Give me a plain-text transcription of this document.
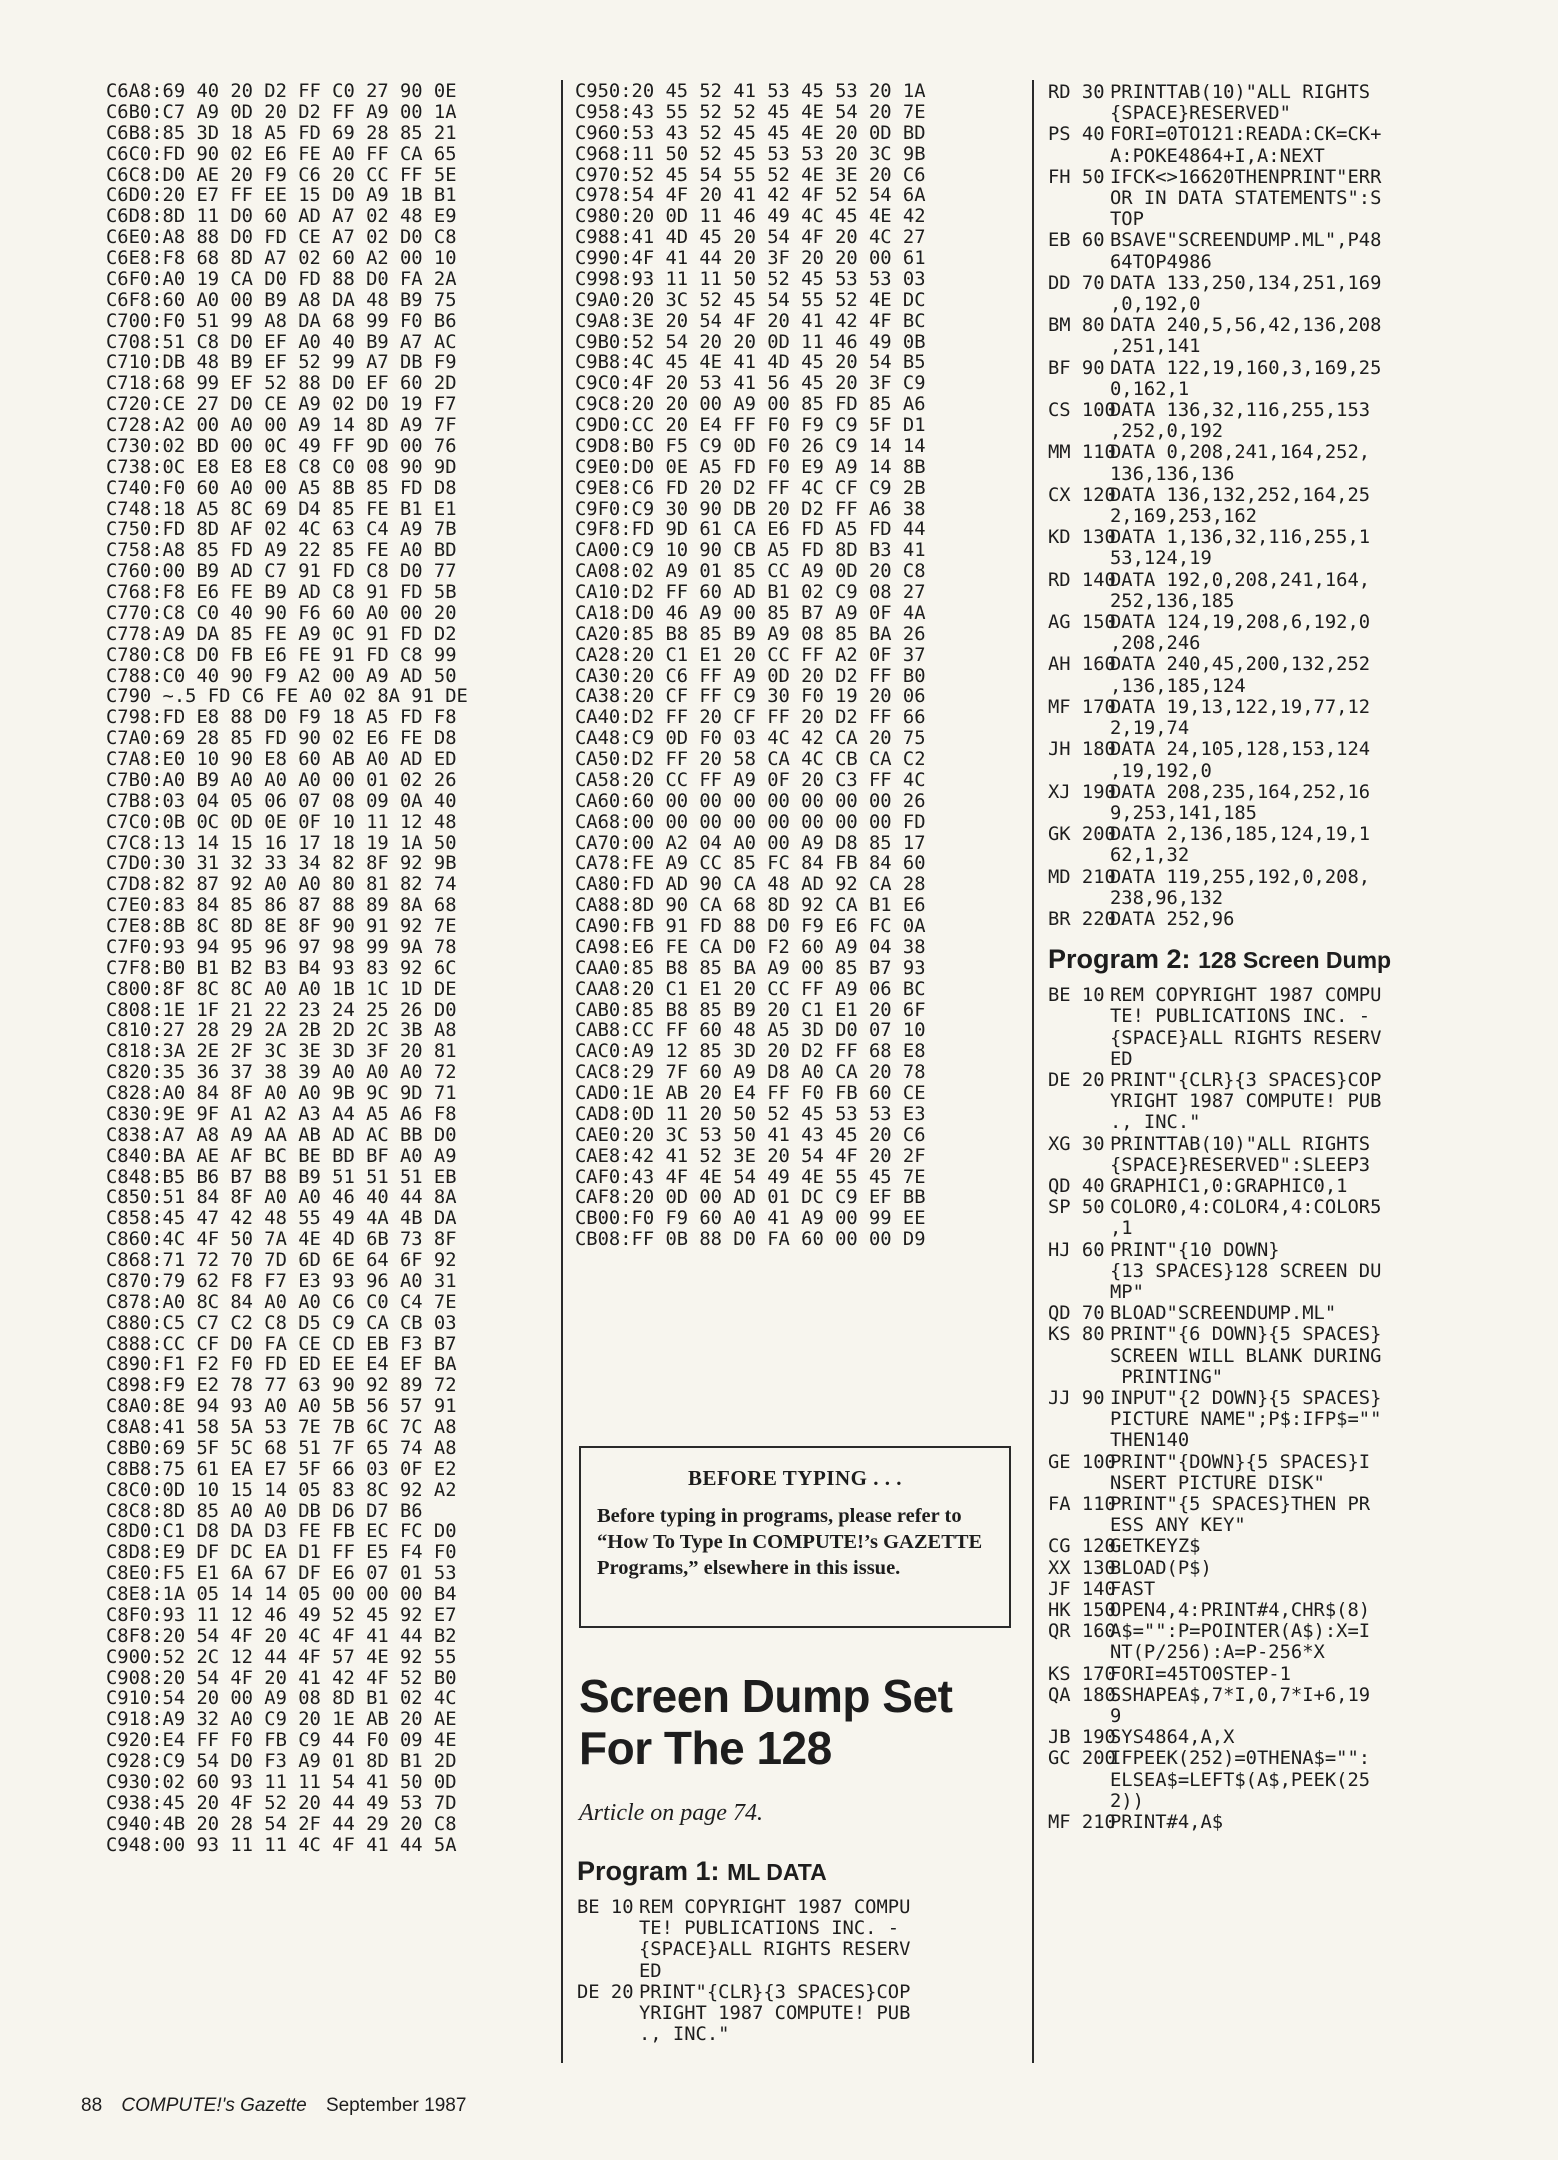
C6A8:69 40 20 D2 FF C0 27 90 0E
C6B0:C7 A9 0D 20 D2 FF A9 00 1A
C6B8:85 3D 18 A5 FD 69 28 85 21
C6C0:FD 90 02 E6 FE A0 FF CA 65
C6C8:D0 AE 20 F9 C6 20 CC FF 5E
C6D0:20 E7 FF EE 15 D0 A9 1B B1
C6D8:8D 11 D0 60 AD A7 02 48 E9
C6E0:A8 88 D0 FD CE A7 02 D0 C8
C6E8:F8 68 8D A7 02 60 A2 00 10
C6F0:A0 19 CA D0 FD 88 D0 FA 2A
C6F8:60 A0 00 B9 A8 DA 48 B9 75
C700:F0 51 99 A8 DA 68 99 F0 B6
C708:51 C8 D0 EF A0 40 B9 A7 AC
C710:DB 48 B9 EF 52 99 A7 DB F9
C718:68 99 EF 52 88 D0 EF 60 2D
C720:CE 27 D0 CE A9 02 D0 19 F7
C728:A2 00 A0 00 A9 14 8D A9 7F
C730:02 BD 00 0C 49 FF 9D 00 76
C738:0C E8 E8 E8 C8 C0 08 90 9D
C740:F0 60 A0 00 A5 8B 85 FD D8
C748:18 A5 8C 69 D4 85 FE B1 E1
C750:FD 8D AF 02 4C 63 C4 A9 7B
C758:A8 85 FD A9 22 85 FE A0 BD
C760:00 B9 AD C7 91 FD C8 D0 77
C768:F8 E6 FE B9 AD C8 91 FD 5B
C770:C8 C0 40 90 F6 60 A0 00 20
C778:A9 DA 85 FE A9 0C 91 FD D2
C780:C8 D0 FB E6 FE 91 FD C8 99
C788:C0 40 90 F9 A2 00 A9 AD 50
C790 ~.5 FD C6 FE A0 02 8A 91 DE
C798:FD E8 88 D0 F9 18 A5 FD F8
C7A0:69 28 85 FD 90 02 E6 FE D8
C7A8:E0 10 90 E8 60 AB A0 AD ED
C7B0:A0 B9 A0 A0 A0 00 01 02 26
C7B8:03 04 05 06 07 08 09 0A 40
C7C0:0B 0C 0D 0E 0F 10 11 12 48
C7C8:13 14 15 16 17 18 19 1A 50
C7D0:30 31 32 33 34 82 8F 92 9B
C7D8:82 87 92 A0 A0 80 81 82 74
C7E0:83 84 85 86 87 88 89 8A 68
C7E8:8B 8C 8D 8E 8F 90 91 92 7E
C7F0:93 94 95 96 97 98 99 9A 78
C7F8:B0 B1 B2 B3 B4 93 83 92 6C
C800:8F 8C 8C A0 A0 1B 1C 1D DE
C808:1E 1F 21 22 23 24 25 26 D0
C810:27 28 29 2A 2B 2D 2C 3B A8
C818:3A 2E 2F 3C 3E 3D 3F 20 81
C820:35 36 37 38 39 A0 A0 A0 72
C828:A0 84 8F A0 A0 9B 9C 9D 71
C830:9E 9F A1 A2 A3 A4 A5 A6 F8
C838:A7 A8 A9 AA AB AD AC BB D0
C840:BA AE AF BC BE BD BF A0 A9
C848:B5 B6 B7 B8 B9 51 51 51 EB
C850:51 84 8F A0 A0 46 40 44 8A
C858:45 47 42 48 55 49 4A 4B DA
C860:4C 4F 50 7A 4E 4D 6B 73 8F
C868:71 72 70 7D 6D 6E 64 6F 92
C870:79 62 F8 F7 E3 93 96 A0 31
C878:A0 8C 84 A0 A0 C6 C0 C4 7E
C880:C5 C7 C2 C8 D5 C9 CA CB 03
C888:CC CF D0 FA CE CD EB F3 B7
C890:F1 F2 F0 FD ED EE E4 EF BA
C898:F9 E2 78 77 63 90 92 89 72
C8A0:8E 94 93 A0 A0 5B 56 57 91
C8A8:41 58 5A 53 7E 7B 6C 7C A8
C8B0:69 5F 5C 68 51 7F 65 74 A8
C8B8:75 61 EA E7 5F 66 03 0F E2
C8C0:0D 10 15 14 05 83 8C 92 A2
C8C8:8D 85 A0 A0 DB D6 D7 B6
C8D0:C1 D8 DA D3 FE FB EC FC D0
C8D8:E9 DF DC EA D1 FF E5 F4 F0
C8E0:F5 E1 6A 67 DF E6 07 01 53
C8E8:1A 05 14 14 05 00 00 00 B4
C8F0:93 11 12 46 49 52 45 92 E7
C8F8:20 54 4F 20 4C 4F 41 44 B2
C900:52 2C 12 44 4F 57 4E 92 55
C908:20 54 4F 20 41 42 4F 52 B0
C910:54 20 00 A9 08 8D B1 02 4C
C918:A9 32 A0 C9 20 1E AB 20 AE
C920:E4 FF F0 FB C9 44 F0 09 4E
C928:C9 54 D0 F3 A9 01 8D B1 2D
C930:02 60 93 11 11 54 41 50 0D
C938:45 20 4F 52 20 44 49 53 7D
C940:4B 20 28 54 2F 44 29 20 C8
C948:00 93 11 11 4C 4F 41 44 5A
C950:20 45 52 41 53 45 53 20 1A
C958:43 55 52 52 45 4E 54 20 7E
C960:53 43 52 45 45 4E 20 0D BD
C968:11 50 52 45 53 53 20 3C 9B
C970:52 45 54 55 52 4E 3E 20 C6
C978:54 4F 20 41 42 4F 52 54 6A
C980:20 0D 11 46 49 4C 45 4E 42
C988:41 4D 45 20 54 4F 20 4C 27
C990:4F 41 44 20 3F 20 20 00 61
C998:93 11 11 50 52 45 53 53 03
C9A0:20 3C 52 45 54 55 52 4E DC
C9A8:3E 20 54 4F 20 41 42 4F BC
C9B0:52 54 20 20 0D 11 46 49 0B
C9B8:4C 45 4E 41 4D 45 20 54 B5
C9C0:4F 20 53 41 56 45 20 3F C9
C9C8:20 20 00 A9 00 85 FD 85 A6
C9D0:CC 20 E4 FF F0 F9 C9 5F D1
C9D8:B0 F5 C9 0D F0 26 C9 14 14
C9E0:D0 0E A5 FD F0 E9 A9 14 8B
C9E8:C6 FD 20 D2 FF 4C CF C9 2B
C9F0:C9 30 90 DB 20 D2 FF A6 38
C9F8:FD 9D 61 CA E6 FD A5 FD 44
CA00:C9 10 90 CB A5 FD 8D B3 41
CA08:02 A9 01 85 CC A9 0D 20 C8
CA10:D2 FF 60 AD B1 02 C9 08 27
CA18:D0 46 A9 00 85 B7 A9 0F 4A
CA20:85 B8 85 B9 A9 08 85 BA 26
CA28:20 C1 E1 20 CC FF A2 0F 37
CA30:20 C6 FF A9 0D 20 D2 FF B0
CA38:20 CF FF C9 30 F0 19 20 06
CA40:D2 FF 20 CF FF 20 D2 FF 66
CA48:C9 0D F0 03 4C 42 CA 20 75
CA50:D2 FF 20 58 CA 4C CB CA C2
CA58:20 CC FF A9 0F 20 C3 FF 4C
CA60:60 00 00 00 00 00 00 00 26
CA68:00 00 00 00 00 00 00 00 FD
CA70:00 A2 04 A0 00 A9 D8 85 17
CA78:FE A9 CC 85 FC 84 FB 84 60
CA80:FD AD 90 CA 48 AD 92 CA 28
CA88:8D 90 CA 68 8D 92 CA B1 E6
CA90:FB 91 FD 88 D0 F9 E6 FC 0A
CA98:E6 FE CA D0 F2 60 A9 04 38
CAA0:85 B8 85 BA A9 00 85 B7 93
CAA8:20 C1 E1 20 CC FF A9 06 BC
CAB0:85 B8 85 B9 20 C1 E1 20 6F
CAB8:CC FF 60 48 A5 3D D0 07 10
CAC0:A9 12 85 3D 20 D2 FF 68 E8
CAC8:29 7F 60 A9 D8 A0 CA 20 78
CAD0:1E AB 20 E4 FF F0 FB 60 CE
CAD8:0D 11 20 50 52 45 53 53 E3
CAE0:20 3C 53 50 41 43 45 20 C6
CAE8:42 41 52 3E 20 54 4F 20 2F
CAF0:43 4F 4E 54 49 4E 55 45 7E
CAF8:20 0D 00 AD 01 DC C9 EF BB
CB00:F0 F9 60 A0 41 A9 00 99 EE
CB08:FF 0B 88 D0 FA 60 00 00 D9
BEFORE TYPING . . .
Before typing in programs, please refer to “How To Type In COMPUTE!’s GAZETTE Programs,” elsewhere in this issue.
Screen Dump Set For The 128
Article on page 74.
Program 1: ML DATA
BE 10 REM COPYRIGHT 1987 COMPU
TE! PUBLICATIONS INC. -
{SPACE}ALL RIGHTS RESERV
ED
DE 20 PRINT"{CLR}{3 SPACES}COP
YRIGHT 1987 COMPUTE! PUB
., INC."
RD 30 PRINTTAB(10)"ALL RIGHTS
{SPACE}RESERVED"
PS 40 FORI=0TO121:READA:CK=CK+
A:POKE4864+I,A:NEXT
FH 50 IFCK<>16620THENPRINT"ERR
OR IN DATA STATEMENTS":S
TOP
EB 60 BSAVE"SCREENDUMP.ML",P48
64TOP4986
DD 70 DATA 133,250,134,251,169
,0,192,0
BM 80 DATA 240,5,56,42,136,208
,251,141
BF 90 DATA 122,19,160,3,169,25
0,162,1
CS 100
DATA 136,32,116,255,153
,252,0,192
MM 110
DATA 0,208,241,164,252,
136,136,136
CX 120
DATA 136,132,252,164,25
2,169,253,162
KD 130
DATA 1,136,32,116,255,1
53,124,19
RD 140
DATA 192,0,208,241,164,
252,136,185
AG 150
DATA 124,19,208,6,192,0
,208,246
AH 160
DATA 240,45,200,132,252
,136,185,124
MF 170
DATA 19,13,122,19,77,12
2,19,74
JH 180
DATA 24,105,128,153,124
,19,192,0
XJ 190
DATA 208,235,164,252,16
9,253,141,185
GK 200
DATA 2,136,185,124,19,1
62,1,32
MD 210
DATA 119,255,192,0,208,
238,96,132
BR 220
DATA 252,96
Program 2: 128 Screen Dump
BE 10 REM COPYRIGHT 1987 COMPU
TE! PUBLICATIONS INC. -
{SPACE}ALL RIGHTS RESERV
ED
DE 20 PRINT"{CLR}{3 SPACES}COP
YRIGHT 1987 COMPUTE! PUB
., INC."
XG 30 PRINTTAB(10)"ALL RIGHTS
{SPACE}RESERVED":SLEEP3
QD 40 GRAPHIC1,0:GRAPHIC0,1
SP 50 COLOR0,4:COLOR4,4:COLOR5
,1
HJ 60 PRINT"{10 DOWN}
{13 SPACES}128 SCREEN DU
MP"
QD 70 BLOAD"SCREENDUMP.ML"
KS 80 PRINT"{6 DOWN}{5 SPACES}
SCREEN WILL BLANK DURING
PRINTING"
JJ 90 INPUT"{2 DOWN}{5 SPACES}
PICTURE NAME";P$:IFP$=""
THEN140
GE 100
PRINT"{DOWN}{5 SPACES}I
NSERT PICTURE DISK"
FA 110
PRINT"{5 SPACES}THEN PR
ESS ANY KEY"
CG 120
GETKEYZ$
XX 130
BLOAD(P$)
JF 140
FAST
HK 150
OPEN4,4:PRINT#4,CHR$(8)
QR 160
A$="":P=POINTER(A$):X=I
NT(P/256):A=P-256*X
KS 170
FORI=45TO0STEP-1
QA 180
SSHAPEA$,7*I,0,7*I+6,19
9
JB 190
SYS4864,A,X
GC 200
IFPEEK(252)=0THENA$="":
ELSEA$=LEFT$(A$,PEEK(25
2))
MF 210
PRINT#4,A$
88 COMPUTE!'s Gazette September 1987
